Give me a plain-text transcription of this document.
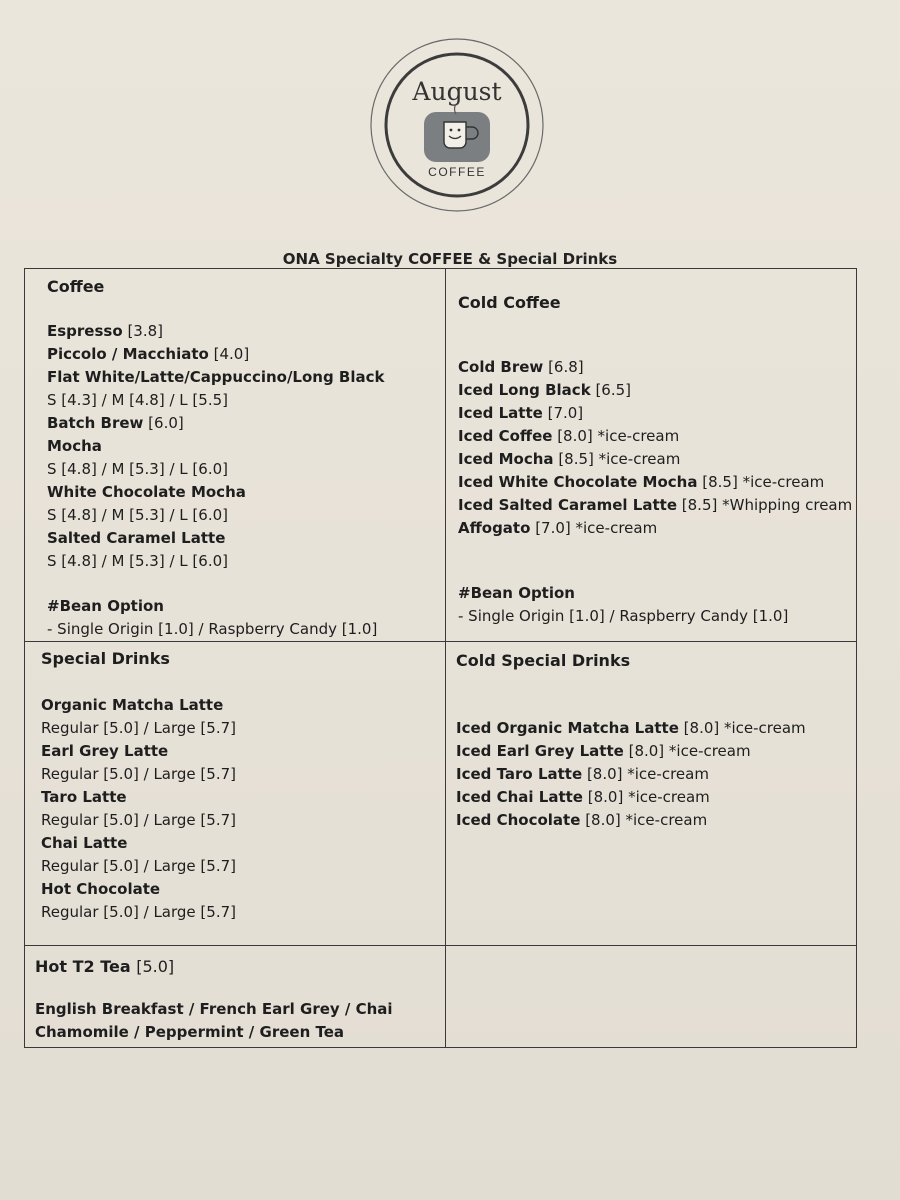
August
COFFEE
ONA Specialty COFFEE & Special Drinks
Coffee
Espresso [3.8]
Piccolo / Macchiato [4.0]
Flat White/Latte/Cappuccino/Long Black
S [4.3] / M [4.8] / L [5.5]
Batch Brew [6.0]
Mocha
S [4.8] / M [5.3] / L [6.0]
White Chocolate Mocha
S [4.8] / M [5.3] / L [6.0]
Salted Caramel Latte
S [4.8] / M [5.3] / L [6.0]
#Bean Option
- Single Origin [1.0] / Raspberry Candy [1.0]
Cold Coffee
Cold Brew [6.8]
Iced Long Black [6.5]
Iced Latte [7.0]
Iced Coffee [8.0] *ice-cream
Iced Mocha [8.5] *ice-cream
Iced White Chocolate Mocha [8.5] *ice-cream
Iced Salted Caramel Latte [8.5] *Whipping cream
Affogato [7.0] *ice-cream
#Bean Option
- Single Origin [1.0] / Raspberry Candy [1.0]
Special Drinks
Organic Matcha Latte
Regular [5.0] / Large [5.7]
Earl Grey Latte
Regular [5.0] / Large [5.7]
Taro Latte
Regular [5.0] / Large [5.7]
Chai Latte
Regular [5.0] / Large [5.7]
Hot Chocolate
Regular [5.0] / Large [5.7]
Cold Special Drinks
Iced Organic Matcha Latte [8.0] *ice-cream
Iced Earl Grey Latte [8.0] *ice-cream
Iced Taro Latte [8.0] *ice-cream
Iced Chai Latte [8.0] *ice-cream
Iced Chocolate [8.0] *ice-cream
Hot T2 Tea [5.0]
English Breakfast / French Earl Grey / Chai
Chamomile / Peppermint / Green Tea
